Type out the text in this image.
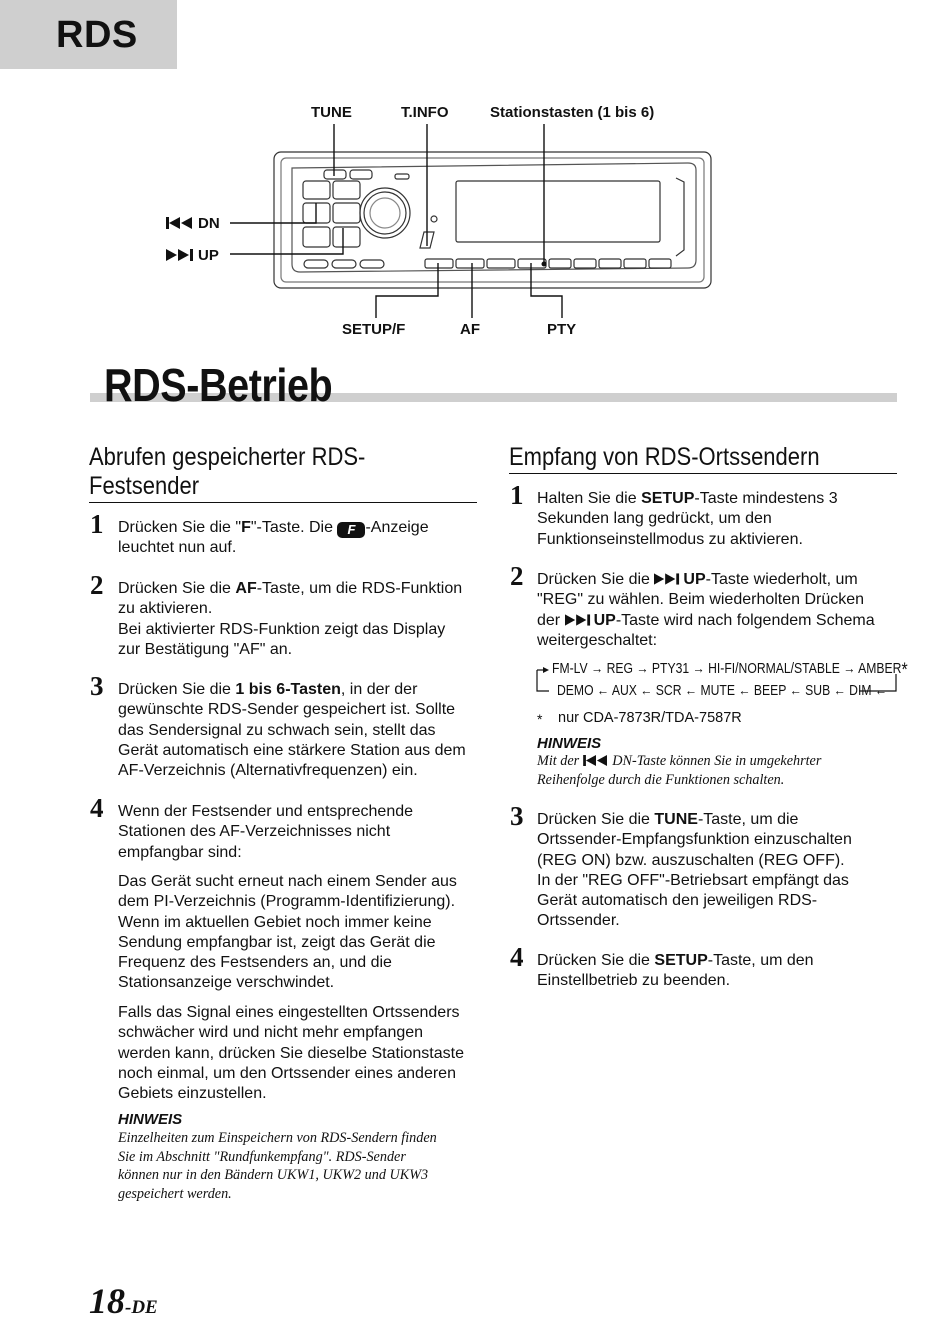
RDS
TUNE	T.INFO	Stationstasten (1 bis 6)
DN
UP
SETUP/F	AF	PTY
RDS-Betrieb
Abrufen gespeicherter RDS-
Festsender
1 Drücken Sie die "F"-Taste. Die F -Anzeige
leuchtet nun auf.
2 Drücken Sie die AF-Taste, um die RDS-Funktion
zu aktivieren.
Bei aktivierter RDS-Funktion zeigt das Display
zur Bestätigung "AF" an.
3 Drücken Sie die 1 bis 6-Tasten, in der der
gewünschte RDS-Sender gespeichert ist. Sollte
das Sendersignal zu schwach sein, stellt das
Gerät automatisch eine stärkere Station aus dem
AF-Verzeichnis (Alternativfrequenzen) ein.
4 Wenn der Festsender und entsprechende
Stationen des AF-Verzeichnisses nicht
empfangbar sind:
Das Gerät sucht erneut nach einem Sender aus
dem PI-Verzeichnis (Programm-Identifizierung).
Wenn im aktuellen Gebiet noch immer keine
Sendung empfangbar ist, zeigt das Gerät die
Frequenz des Festsenders an, und die
Stationsanzeige verschwindet.
Falls das Signal eines eingestellten Ortssenders
schwächer wird und nicht mehr empfangen
werden kann, drücken Sie dieselbe Stationstaste
noch einmal, um den Ortssender eines anderen
Gebiets einzustellen.
HINWEIS
Einzelheiten zum Einspeichern von RDS-Sendern finden
Sie im Abschnitt "Rundfunkempfang". RDS-Sender
können nur in den Bändern UKW1, UKW2 und UKW3
gespeichert werden.
Empfang von RDS-Ortssendern
1 Halten Sie die SETUP-Taste mindestens 3
Sekunden lang gedrückt, um den
Funktionseinstellmodus zu aktivieren.
2 Drücken Sie die UP-Taste wiederholt, um
"REG" zu wählen. Beim wiederholten Drücken
der UP-Taste wird nach folgendem Schema
weitergeschaltet:
FM-LV → REG → PTY31 → HI-FI/NORMAL/STABLE → AMBER*
DEMO ← AUX ← SCR ← MUTE ← BEEP ← SUB ← DIM ←
* nur CDA-7873R/TDA-7587R
HINWEIS
Mit der  DN-Taste können Sie in umgekehrter
Reihenfolge durch die Funktionen schalten.
3 Drücken Sie die TUNE-Taste, um die
Ortssender-Empfangsfunktion einzuschalten
(REG ON) bzw. auszuschalten (REG OFF).
In der "REG OFF"-Betriebsart empfängt das
Gerät automatisch den jeweiligen RDS-
Ortssender.
4 Drücken Sie die SETUP-Taste, um den
Einstellbetrieb zu beenden.
18-DE
